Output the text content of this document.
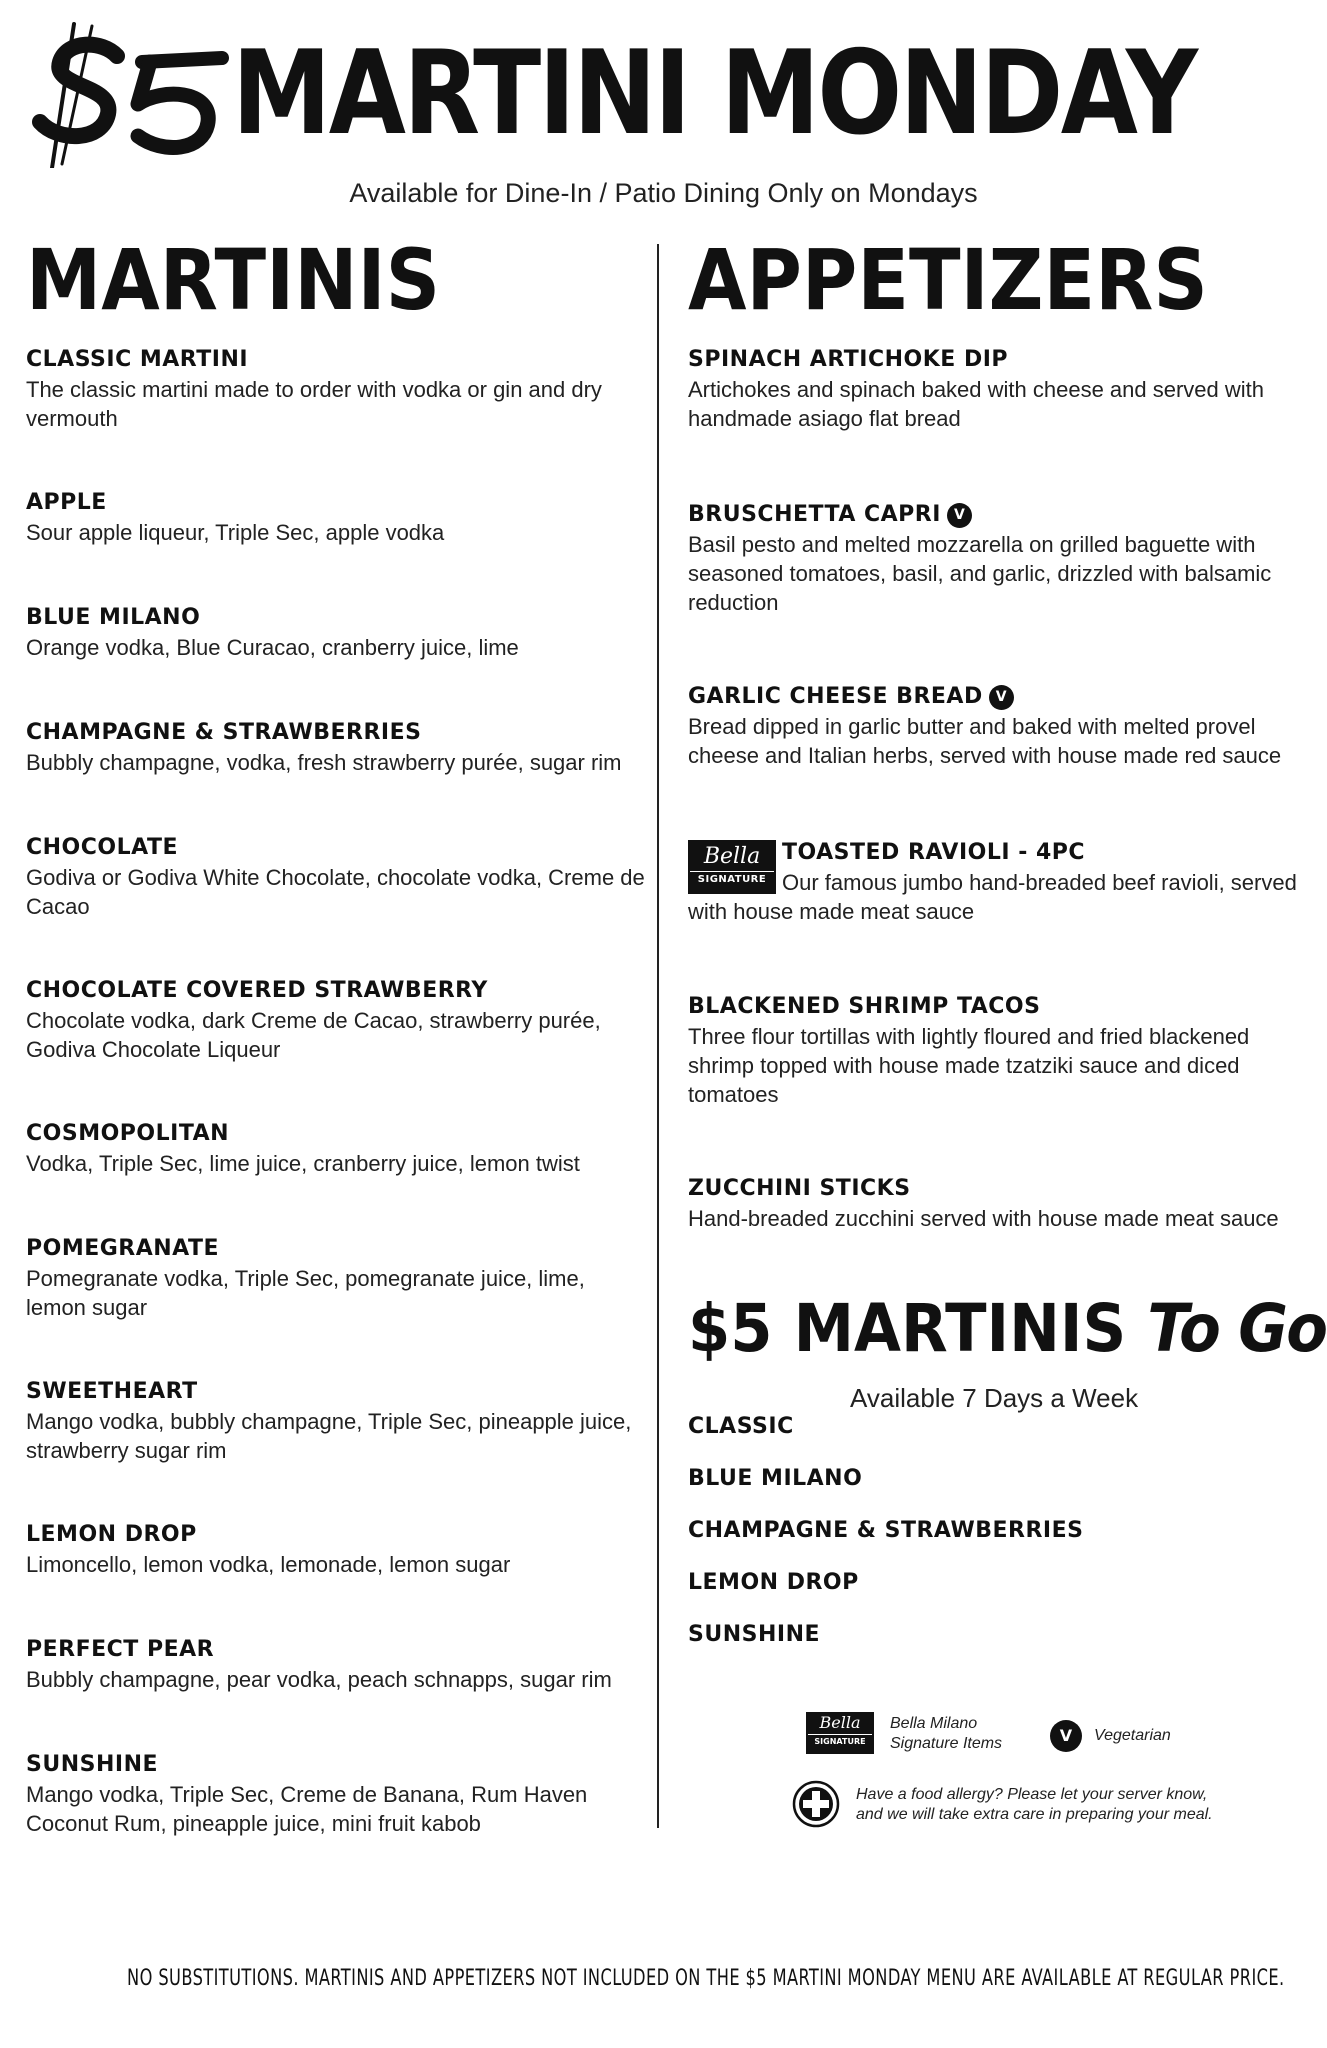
MARTINI MONDAY
Available for Dine-In / Patio Dining Only on Mondays
MARTINIS	APPETIZERS
CLASSIC MARTINI
The classic martini made to order with vodka or gin and dry vermouth
APPLE
Sour apple liqueur, Triple Sec, apple vodka
BLUE MILANO
Orange vodka, Blue Curacao, cranberry juice, lime
CHAMPAGNE & STRAWBERRIES
Bubbly champagne, vodka, fresh strawberry purée, sugar rim
CHOCOLATE
Godiva or Godiva White Chocolate, chocolate vodka, Creme de Cacao
CHOCOLATE COVERED STRAWBERRY
Chocolate vodka, dark Creme de Cacao, strawberry purée, Godiva Chocolate Liqueur
COSMOPOLITAN
Vodka, Triple Sec, lime juice, cranberry juice, lemon twist
POMEGRANATE
Pomegranate vodka, Triple Sec, pomegranate juice, lime, lemon sugar
SWEETHEART
Mango vodka, bubbly champagne, Triple Sec, pineapple juice, strawberry sugar rim
LEMON DROP
Limoncello, lemon vodka, lemonade, lemon sugar
PERFECT PEAR
Bubbly champagne, pear vodka, peach schnapps, sugar rim
SUNSHINE
Mango vodka, Triple Sec, Creme de Banana, Rum Haven Coconut Rum, pineapple juice, mini fruit kabob
SPINACH ARTICHOKE DIP
Artichokes and spinach baked with cheese and served with handmade asiago flat bread
BRUSCHETTA CAPRI V
Basil pesto and melted mozzarella on grilled baguette with seasoned tomatoes, basil, and garlic, drizzled with balsamic reduction
GARLIC CHEESE BREAD V
Bread dipped in garlic butter and baked with melted provel cheese and Italian herbs, served with house made red sauce
Bella
SIGNATURE
TOASTED RAVIOLI - 4PC
Our famous jumbo hand-breaded beef ravioli, served with house made meat sauce
BLACKENED SHRIMP TACOS
Three flour tortillas with lightly floured and fried blackened shrimp topped with house made tzatziki sauce and diced tomatoes
ZUCCHINI STICKS
Hand-breaded zucchini served with house made meat sauce
$5 MARTINIS To Go
Available 7 Days a Week
CLASSIC
BLUE MILANO
CHAMPAGNE & STRAWBERRIES
LEMON DROP
SUNSHINE
Bella
SIGNATURE
Bella Milano
Signature Items	V	Vegetarian
Have a food allergy? Please let your server know,
and we will take extra care in preparing your meal.
NO SUBSTITUTIONS. MARTINIS AND APPETIZERS NOT INCLUDED ON THE $5 MARTINI MONDAY MENU ARE AVAILABLE AT REGULAR PRICE.
